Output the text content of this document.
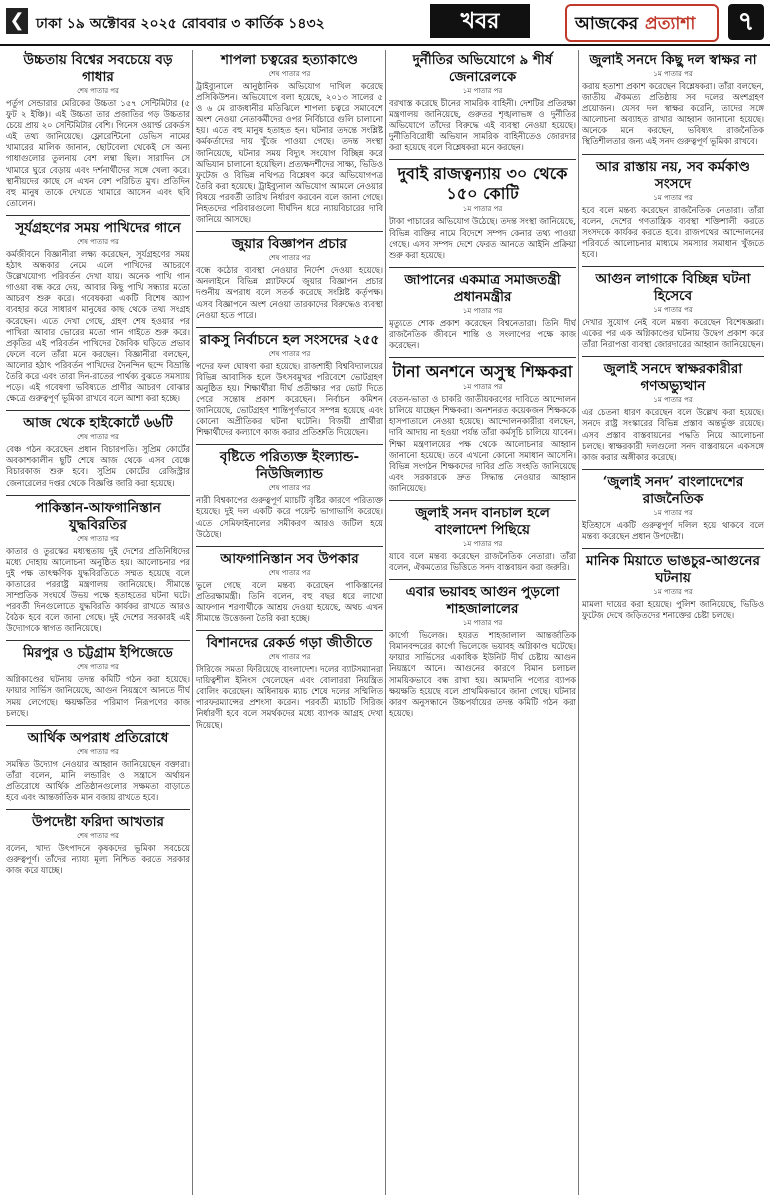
❮ ঢাকা ১৯ অক্টোবর ২০২৫ রোববার ৩ কার্তিক ১৪৩২	খবর	আজকের প্রত্যাশা	৭
উচ্চতায় বিশ্বের সবচেয়ে বড় গাধার
শেষ পাতার পর
পর্তুগ সেন্ডারার মেরিকের উচ্চতা ১৫৭ সেন্টিমিটার (৫ ফুট ২ ইঞ্চি)। এই উচ্চতা তার প্রজাতির গড় উচ্চতার চেয়ে প্রায় ২০ সেন্টিমিটার বেশি। গিনেস ওয়ার্ল্ড রেকর্ডস এই তথ্য জানিয়েছে। ফ্লোরেন্টিনো ডেভিস নামের খামারের মালিক জানান, ছোটবেলা থেকেই সে অন্য গাধাগুলোর তুলনায় বেশ লম্বা ছিল। সারাদিন সে খামারে ঘুরে বেড়ায় এবং দর্শনার্থীদের সঙ্গে খেলা করে। স্থানীয়দের কাছে সে এখন বেশ পরিচিত মুখ। প্রতিদিন বহু মানুষ তাকে দেখতে খামারে আসেন এবং ছবি তোলেন।
সূর্যগ্রহণের সময় পাখিদের গানে
শেষ পাতার পর
কর্মজীবনে বিজ্ঞানীরা লক্ষ্য করেছেন, সূর্যগ্রহণের সময় হঠাৎ অন্ধকার নেমে এলে পাখিদের আচরণে উল্লেখযোগ্য পরিবর্তন দেখা যায়। অনেক পাখি গান গাওয়া বন্ধ করে দেয়, আবার কিছু পাখি সন্ধ্যার মতো আচরণ শুরু করে। গবেষকরা একটি বিশেষ অ্যাপ ব্যবহার করে সাধারণ মানুষের কাছ থেকে তথ্য সংগ্রহ করেছেন। এতে দেখা গেছে, গ্রহণ শেষ হওয়ার পর পাখিরা আবার ভোরের মতো গান গাইতে শুরু করে। প্রকৃতির এই পরিবর্তন পাখিদের জৈবিক ঘড়িতে প্রভাব ফেলে বলে তাঁরা মনে করছেন। বিজ্ঞানীরা বলছেন, আলোর হঠাৎ পরিবর্তন পাখিদের দৈনন্দিন ছন্দে বিভ্রান্তি তৈরি করে এবং তারা দিন-রাতের পার্থক্য বুঝতে সমস্যায় পড়ে। এই গবেষণা ভবিষ্যতে প্রাণীর আচরণ বোঝার ক্ষেত্রে গুরুত্বপূর্ণ ভূমিকা রাখবে বলে আশা করা হচ্ছে।
আজ থেকে হাইকোর্টে ৬৬টি
শেষ পাতার পর
বেঞ্চ গঠন করেছেন প্রধান বিচারপতি। সুপ্রিম কোর্টের অবকাশকালীন ছুটি শেষে আজ থেকে এসব বেঞ্চে বিচারকাজ শুরু হবে। সুপ্রিম কোর্টের রেজিস্ট্রার জেনারেলের দপ্তর থেকে বিজ্ঞপ্তি জারি করা হয়েছে।
পাকিস্তান-আফগানিস্তান যুদ্ধবিরতির
শেষ পাতার পর
কাতার ও তুরস্কের মধ্যস্থতায় দুই দেশের প্রতিনিধিদের মধ্যে দোহায় আলোচনা অনুষ্ঠিত হয়। আলোচনার পর দুই পক্ষ তাৎক্ষণিক যুদ্ধবিরতিতে সম্মত হয়েছে বলে কাতারের পররাষ্ট্র মন্ত্রণালয় জানিয়েছে। সীমান্তে সাম্প্রতিক সংঘর্ষে উভয় পক্ষে হতাহতের ঘটনা ঘটে। পরবর্তী দিনগুলোতে যুদ্ধবিরতি কার্যকর রাখতে আরও বৈঠক হবে বলে জানা গেছে। দুই দেশের সরকারই এই উদ্যোগকে স্বাগত জানিয়েছে।
মিরপুর ও চট্টগ্রাম ইপিজেডে
শেষ পাতার পর
অগ্নিকাণ্ডের ঘটনায় তদন্ত কমিটি গঠন করা হয়েছে। ফায়ার সার্ভিস জানিয়েছে, আগুন নিয়ন্ত্রণে আনতে দীর্ঘ সময় লেগেছে। ক্ষয়ক্ষতির পরিমাণ নিরূপণের কাজ চলছে।
আর্থিক অপরাধ প্রতিরোধে
শেষ পাতার পর
সমন্বিত উদ্যোগ নেওয়ার আহ্বান জানিয়েছেন বক্তারা। তাঁরা বলেন, মানি লন্ডারিং ও সন্ত্রাসে অর্থায়ন প্রতিরোধে আর্থিক প্রতিষ্ঠানগুলোর সক্ষমতা বাড়াতে হবে এবং আন্তর্জাতিক মান বজায় রাখতে হবে।
উপদেষ্টা ফরিদা আখতার
শেষ পাতার পর
বলেন, খাদ্য উৎপাদনে কৃষকদের ভূমিকা সবচেয়ে গুরুত্বপূর্ণ। তাঁদের ন্যায্য মূল্য নিশ্চিত করতে সরকার কাজ করে যাচ্ছে।
শাপলা চত্বরের হত্যাকাণ্ডে
শেষ পাতার পর
ট্রাইব্যুনালে আনুষ্ঠানিক অভিযোগ দাখিল করেছে প্রসিকিউশন। অভিযোগে বলা হয়েছে, ২০১৩ সালের ৫ ও ৬ মে রাজধানীর মতিঝিলে শাপলা চত্বরে সমাবেশে অংশ নেওয়া নেতাকর্মীদের ওপর নির্বিচারে গুলি চালানো হয়। এতে বহু মানুষ হতাহত হন। ঘটনার তদন্তে সংশ্লিষ্ট কর্মকর্তাদের দায় খুঁজে পাওয়া গেছে। তদন্ত সংস্থা জানিয়েছে, ঘটনার সময় বিদ্যুৎ সংযোগ বিচ্ছিন্ন করে অভিযান চালানো হয়েছিল। প্রত্যক্ষদর্শীদের সাক্ষ্য, ভিডিও ফুটেজ ও বিভিন্ন নথিপত্র বিশ্লেষণ করে অভিযোগপত্র তৈরি করা হয়েছে। ট্রাইব্যুনাল অভিযোগ আমলে নেওয়ার বিষয়ে পরবর্তী তারিখ নির্ধারণ করবেন বলে জানা গেছে। নিহতদের পরিবারগুলো দীর্ঘদিন ধরে ন্যায়বিচারের দাবি জানিয়ে আসছে।
জুয়ার বিজ্ঞাপন প্রচার
শেষ পাতার পর
বন্ধে কঠোর ব্যবস্থা নেওয়ার নির্দেশ দেওয়া হয়েছে। অনলাইনে বিভিন্ন প্ল্যাটফর্মে জুয়ার বিজ্ঞাপন প্রচার দণ্ডনীয় অপরাধ বলে সতর্ক করেছে সংশ্লিষ্ট কর্তৃপক্ষ। এসব বিজ্ঞাপনে অংশ নেওয়া তারকাদের বিরুদ্ধেও ব্যবস্থা নেওয়া হতে পারে।
রাকসু নির্বাচনে হল সংসদের ২৫৫
শেষ পাতার পর
পদের ফল ঘোষণা করা হয়েছে। রাজশাহী বিশ্ববিদ্যালয়ের বিভিন্ন আবাসিক হলে উৎসবমুখর পরিবেশে ভোটগ্রহণ অনুষ্ঠিত হয়। শিক্ষার্থীরা দীর্ঘ প্রতীক্ষার পর ভোট দিতে পেরে সন্তোষ প্রকাশ করেছেন। নির্বাচন কমিশন জানিয়েছে, ভোটগ্রহণ শান্তিপূর্ণভাবে সম্পন্ন হয়েছে এবং কোনো অপ্রীতিকর ঘটনা ঘটেনি। বিজয়ী প্রার্থীরা শিক্ষার্থীদের কল্যাণে কাজ করার প্রতিশ্রুতি দিয়েছেন।
বৃষ্টিতে পরিত্যক্ত ইংল্যান্ড-নিউজিল্যান্ড
শেষ পাতার পর
নারী বিশ্বকাপের গুরুত্বপূর্ণ ম্যাচটি বৃষ্টির কারণে পরিত্যক্ত হয়েছে। দুই দল একটি করে পয়েন্ট ভাগাভাগি করেছে। এতে সেমিফাইনালের সমীকরণ আরও জটিল হয়ে উঠেছে।
আফগানিস্তান সব উপকার
শেষ পাতার পর
ভুলে গেছে বলে মন্তব্য করেছেন পাকিস্তানের প্রতিরক্ষামন্ত্রী। তিনি বলেন, বহু বছর ধরে লাখো আফগান শরণার্থীকে আশ্রয় দেওয়া হয়েছে, অথচ এখন সীমান্তে উত্তেজনা তৈরি করা হচ্ছে।
বিশানদের রেকর্ড গড়া জীতীতে
শেষ পাতার পর
সিরিজে সমতা ফিরিয়েছে বাংলাদেশ। দলের ব্যাটসম্যানরা দায়িত্বশীল ইনিংস খেলেছেন এবং বোলাররা নিয়ন্ত্রিত বোলিং করেছেন। অধিনায়ক ম্যাচ শেষে দলের সম্মিলিত পারফরম্যান্সের প্রশংসা করেন। পরবর্তী ম্যাচটি সিরিজ নির্ধারণী হবে বলে সমর্থকদের মধ্যে ব্যাপক আগ্রহ দেখা দিয়েছে।
দুর্নীতির অভিযোগে ৯ শীর্ষ জেনারেলকে
১ম পাতার পর
বরখাস্ত করেছে চীনের সামরিক বাহিনী। দেশটির প্রতিরক্ষা মন্ত্রণালয় জানিয়েছে, গুরুতর শৃঙ্খলাভঙ্গ ও দুর্নীতির অভিযোগে তাঁদের বিরুদ্ধে এই ব্যবস্থা নেওয়া হয়েছে। দুর্নীতিবিরোধী অভিযান সামরিক বাহিনীতেও জোরদার করা হয়েছে বলে বিশ্লেষকরা মনে করছেন।
দুবাই রাজত্বন্যায় ৩০ থেকে ১৫০ কোটি
১ম পাতার পর
টাকা পাচারের অভিযোগ উঠেছে। তদন্ত সংস্থা জানিয়েছে, বিভিন্ন ব্যক্তির নামে বিদেশে সম্পদ কেনার তথ্য পাওয়া গেছে। এসব সম্পদ দেশে ফেরত আনতে আইনি প্রক্রিয়া শুরু করা হয়েছে।
জাপানের একমাত্র সমাজতন্ত্রী প্রধানমন্ত্রীর
১ম পাতার পর
মৃত্যুতে শোক প্রকাশ করেছেন বিশ্বনেতারা। তিনি দীর্ঘ রাজনৈতিক জীবনে শান্তি ও সংলাপের পক্ষে কাজ করেছেন।
টানা অনশনে অসুস্থ শিক্ষকরা
১ম পাতার পর
বেতন-ভাতা ও চাকরি জাতীয়করণের দাবিতে আন্দোলন চালিয়ে যাচ্ছেন শিক্ষকরা। অনশনরত কয়েকজন শিক্ষককে হাসপাতালে নেওয়া হয়েছে। আন্দোলনকারীরা বলছেন, দাবি আদায় না হওয়া পর্যন্ত তাঁরা কর্মসূচি চালিয়ে যাবেন। শিক্ষা মন্ত্রণালয়ের পক্ষ থেকে আলোচনার আহ্বান জানানো হয়েছে। তবে এখনো কোনো সমাধান আসেনি। বিভিন্ন সংগঠন শিক্ষকদের দাবির প্রতি সংহতি জানিয়েছে এবং সরকারকে দ্রুত সিদ্ধান্ত নেওয়ার আহ্বান জানিয়েছে।
জুলাই সনদ বানচাল হলে বাংলাদেশ পিছিয়ে
১ম পাতার পর
যাবে বলে মন্তব্য করেছেন রাজনৈতিক নেতারা। তাঁরা বলেন, ঐকমত্যের ভিত্তিতে সনদ বাস্তবায়ন করা জরুরি।
এবার ভয়াবহ আগুন পুড়লো শাহজালালের
১ম পাতার পর
কার্গো ভিলেজ। হযরত শাহজালাল আন্তর্জাতিক বিমানবন্দরের কার্গো ভিলেজে ভয়াবহ অগ্নিকাণ্ড ঘটেছে। ফায়ার সার্ভিসের একাধিক ইউনিট দীর্ঘ চেষ্টায় আগুন নিয়ন্ত্রণে আনে। আগুনের কারণে বিমান চলাচল সাময়িকভাবে বন্ধ রাখা হয়। আমদানি পণ্যের ব্যাপক ক্ষয়ক্ষতি হয়েছে বলে প্রাথমিকভাবে জানা গেছে। ঘটনার কারণ অনুসন্ধানে উচ্চপর্যায়ের তদন্ত কমিটি গঠন করা হয়েছে।
জুলাই সনদে কিছু দল স্বাক্ষর না
১ম পাতার পর
করায় হতাশা প্রকাশ করেছেন বিশ্লেষকরা। তাঁরা বলছেন, জাতীয় ঐকমত্য প্রতিষ্ঠায় সব দলের অংশগ্রহণ প্রয়োজন। যেসব দল স্বাক্ষর করেনি, তাদের সঙ্গে আলোচনা অব্যাহত রাখার আহ্বান জানানো হয়েছে। অনেকে মনে করছেন, ভবিষ্যৎ রাজনৈতিক স্থিতিশীলতার জন্য এই সনদ গুরুত্বপূর্ণ ভূমিকা রাখবে।
আর রাস্তায় নয়, সব কর্মকাণ্ড সংসদে
১ম পাতার পর
হবে বলে মন্তব্য করেছেন রাজনৈতিক নেতারা। তাঁরা বলেন, দেশের গণতান্ত্রিক ব্যবস্থা শক্তিশালী করতে সংসদকে কার্যকর করতে হবে। রাজপথের আন্দোলনের পরিবর্তে আলোচনার মাধ্যমে সমস্যার সমাধান খুঁজতে হবে।
আগুন লাগাকে বিচ্ছিন্ন ঘটনা হিসেবে
১ম পাতার পর
দেখার সুযোগ নেই বলে মন্তব্য করেছেন বিশেষজ্ঞরা। একের পর এক অগ্নিকাণ্ডের ঘটনায় উদ্বেগ প্রকাশ করে তাঁরা নিরাপত্তা ব্যবস্থা জোরদারের আহ্বান জানিয়েছেন।
জুলাই সনদে স্বাক্ষরকারীরা গণঅভ্যুত্থান
১ম পাতার পর
এর চেতনা ধারণ করেছেন বলে উল্লেখ করা হয়েছে। সনদে রাষ্ট্র সংস্কারের বিভিন্ন প্রস্তাব অন্তর্ভুক্ত রয়েছে। এসব প্রস্তাব বাস্তবায়নের পদ্ধতি নিয়ে আলোচনা চলছে। স্বাক্ষরকারী দলগুলো সনদ বাস্তবায়নে একসঙ্গে কাজ করার অঙ্গীকার করেছে।
‘জুলাই সনদ’ বাংলাদেশের রাজনৈতিক
১ম পাতার পর
ইতিহাসে একটি গুরুত্বপূর্ণ দলিল হয়ে থাকবে বলে মন্তব্য করেছেন প্রধান উপদেষ্টা।
মানিক মিয়াতে ভাঙচুর-আগুনের ঘটনায়
১ম পাতার পর
মামলা দায়ের করা হয়েছে। পুলিশ জানিয়েছে, ভিডিও ফুটেজ দেখে জড়িতদের শনাক্তের চেষ্টা চলছে।
